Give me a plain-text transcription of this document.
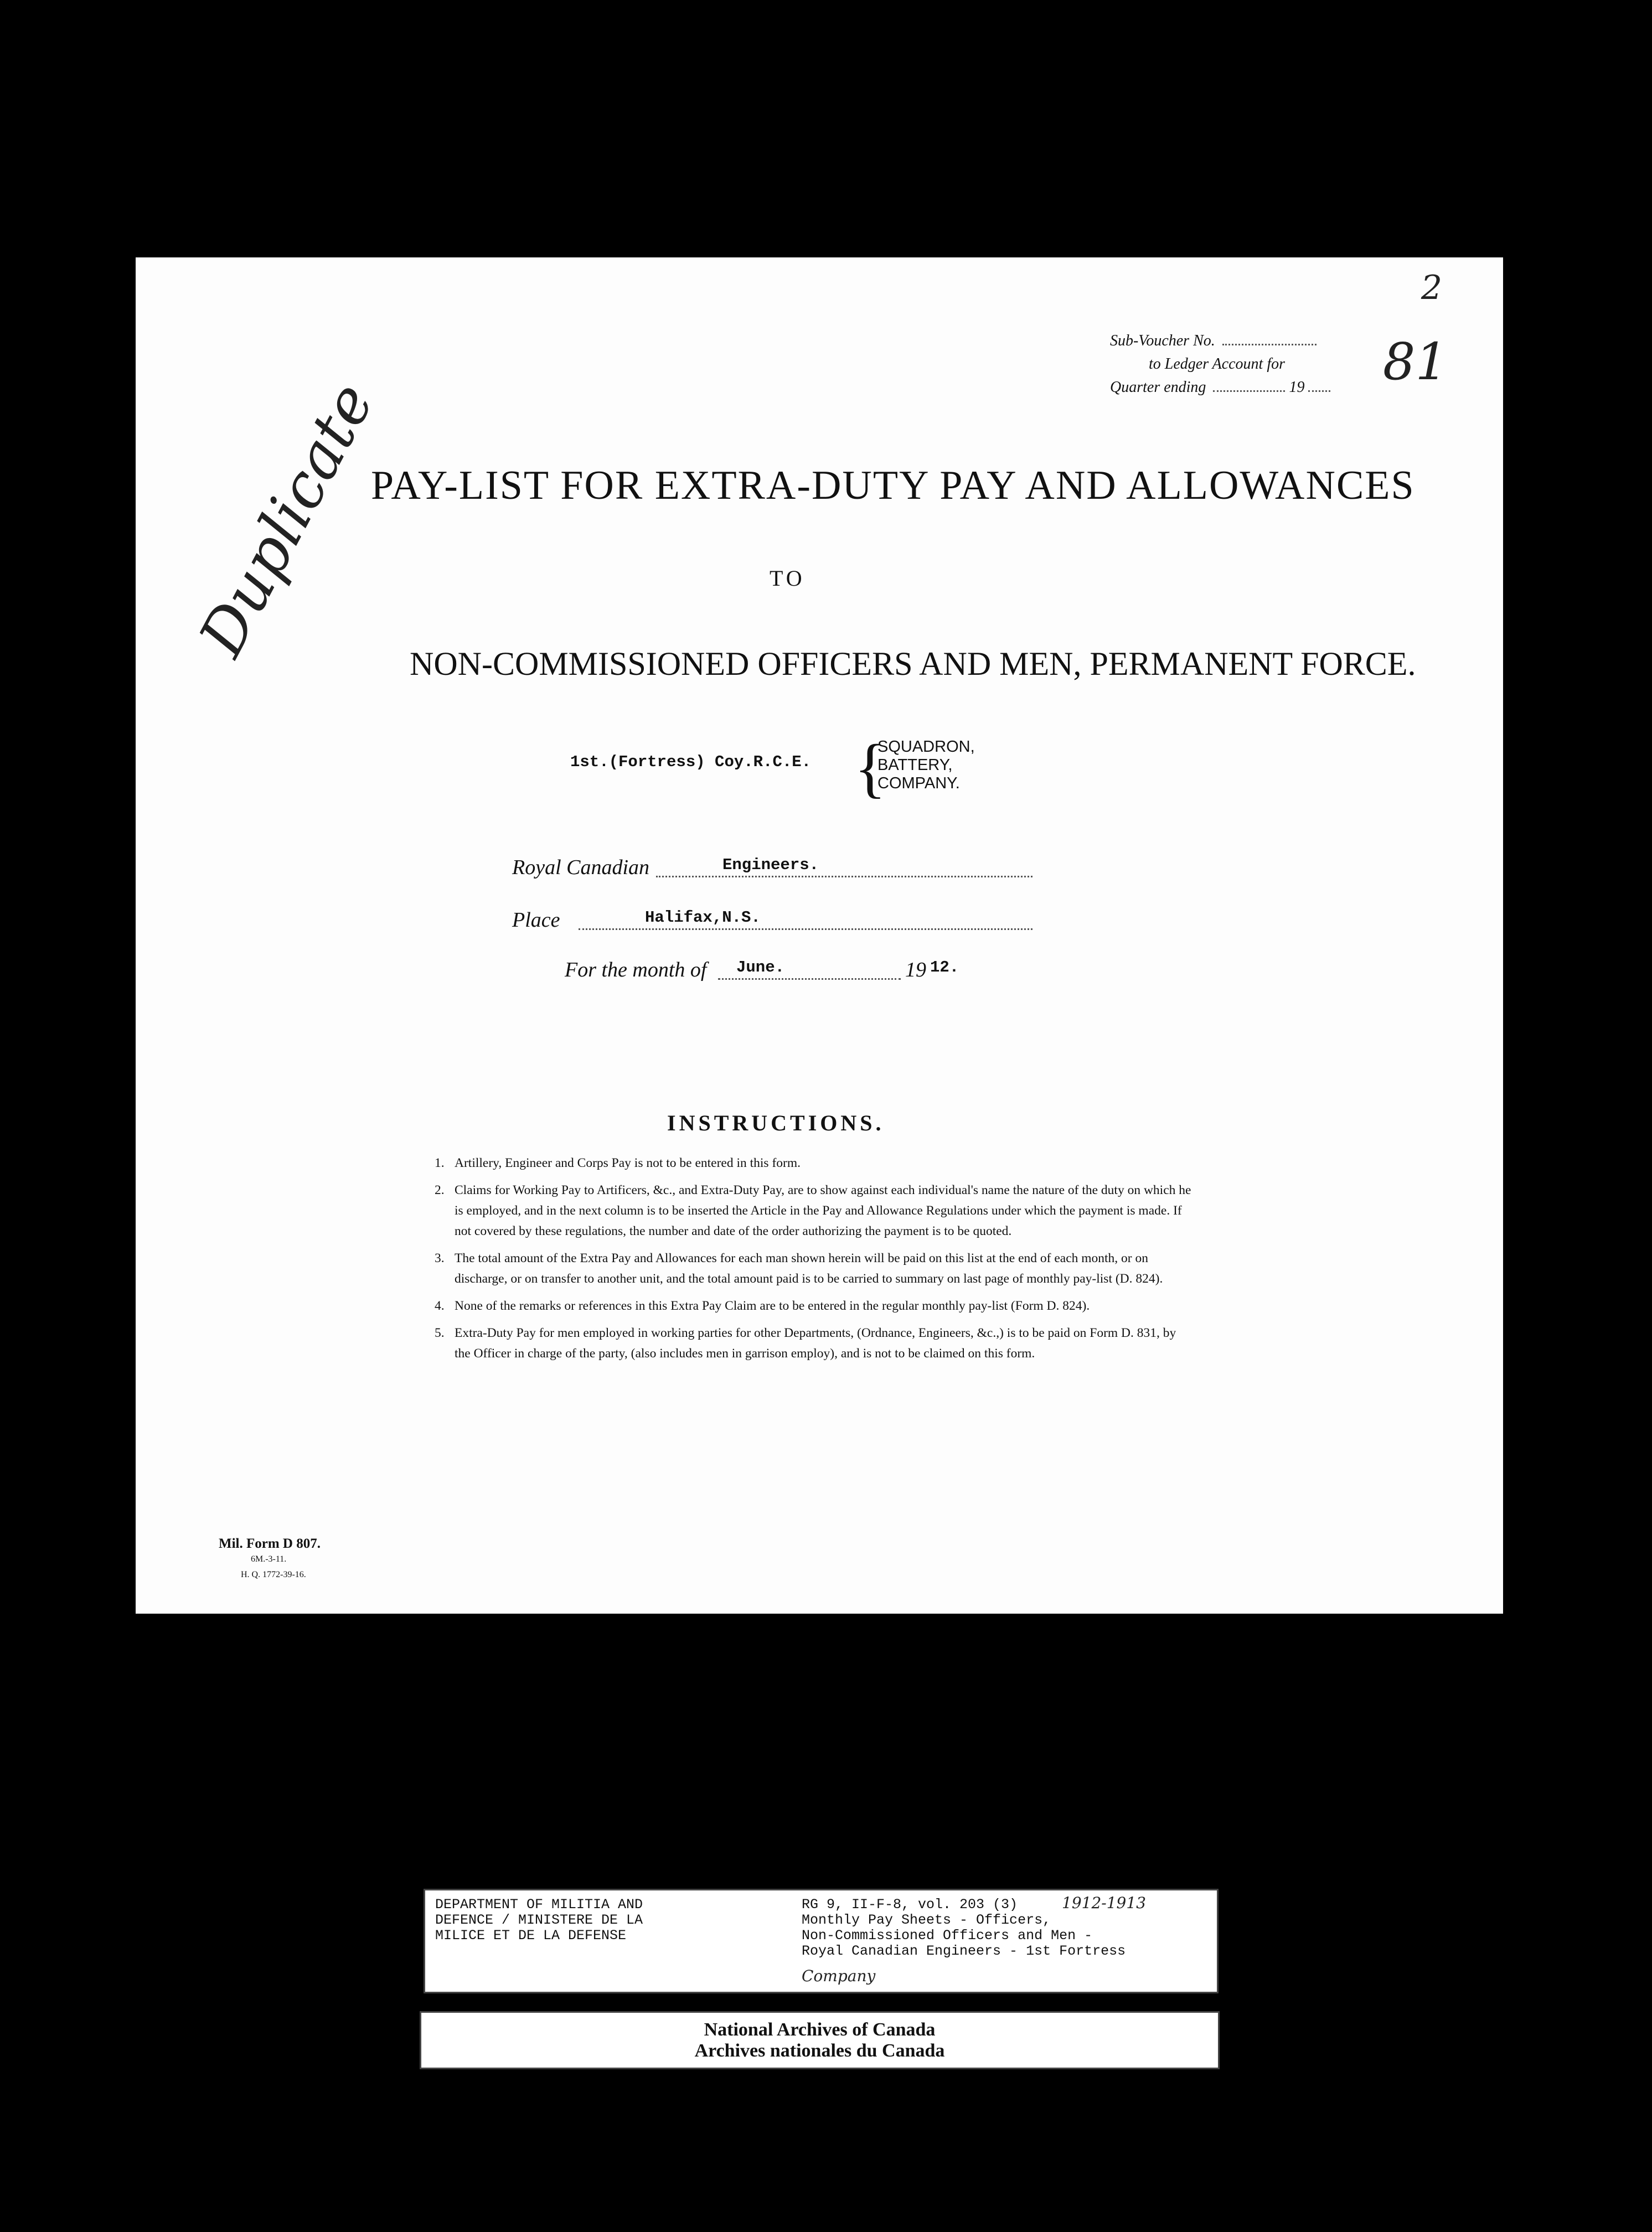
2
Sub-Voucher No.
to Ledger Account for
Quarter ending	19	81
Duplicate
PAY-LIST FOR EXTRA-DUTY PAY AND ALLOWANCES
TO
NON-COMMISSIONED OFFICERS AND MEN, PERMANENT FORCE.
1st.(Fortress) Coy.R.C.E. {
SQUADRON,
BATTERY,
COMPANY.
Royal Canadian	Engineers.
Place	Halifax,N.S.
For the month of June.	19 12.
INSTRUCTIONS.
1. Artillery, Engineer and Corps Pay is not to be entered in this form.
2. Claims for Working Pay to Artificers, &c., and Extra-Duty Pay, are to show against each individual's name the nature of the duty on which he is employed, and in the next column is to be inserted the Article in the Pay and Allowance Regulations under which the payment is made. If not covered by these regulations, the number and date of the order authorizing the payment is to be quoted.
3. The total amount of the Extra Pay and Allowances for each man shown herein will be paid on this list at the end of each month, or on discharge, or on transfer to another unit, and the total amount paid is to be carried to summary on last page of monthly pay-list (D. 824).
4. None of the remarks or references in this Extra Pay Claim are to be entered in the regular monthly pay-list (Form D. 824).
5. Extra-Duty Pay for men employed in working parties for other Departments, (Ordnance, Engineers, &c.,) is to be paid on Form D. 831, by the Officer in charge of the party, (also includes men in garrison employ), and is not to be claimed on this form.
Mil. Form D 807.
6M.-3-11.
H. Q. 1772-39-16.
DEPARTMENT OF MILITIA AND
DEFENCE / MINISTERE DE LA
MILICE ET DE LA DEFENSE
RG 9, II-F-8, vol. 203 (3)
Monthly Pay Sheets - Officers,
Non-Commissioned Officers and Men -
Royal Canadian Engineers - 1st Fortress
1912-1913
Company
National Archives of Canada
Archives nationales du Canada
